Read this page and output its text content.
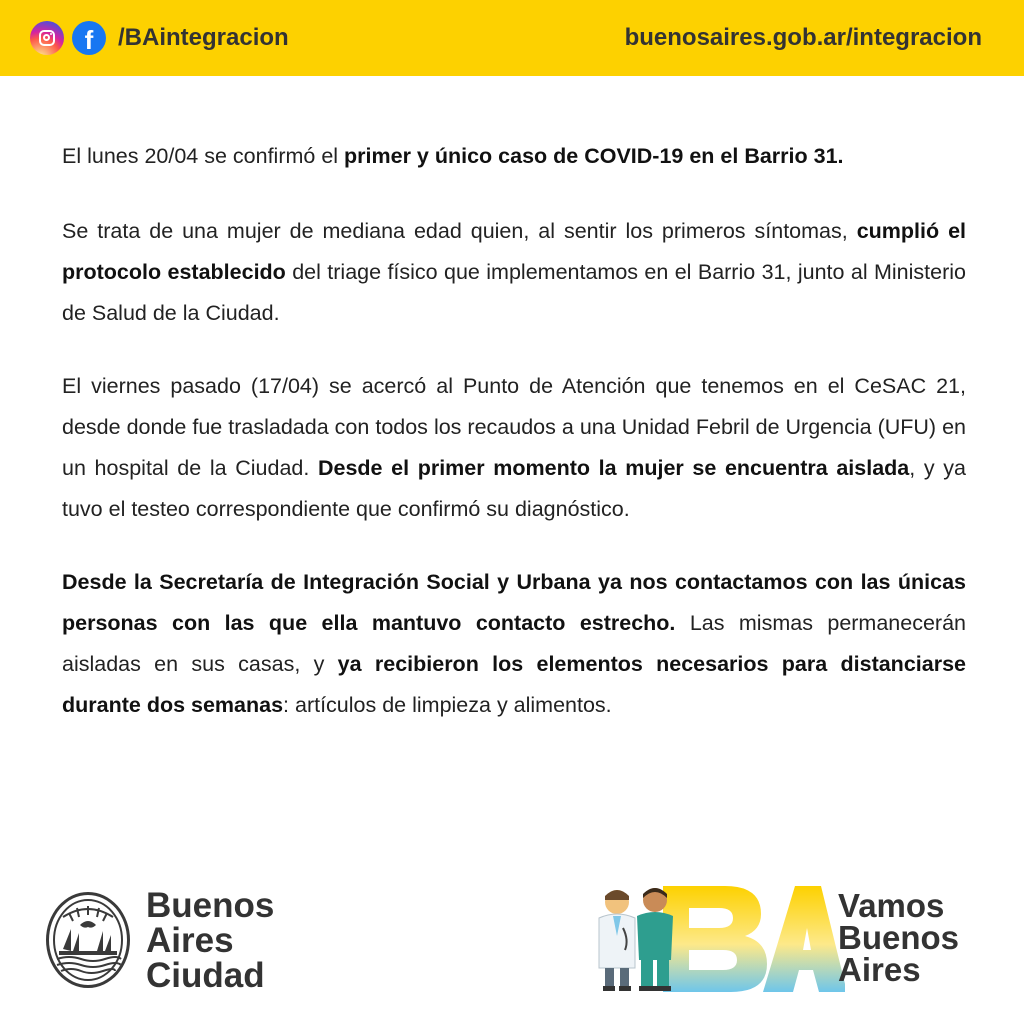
f	/BAintegracion	buenosaires.gob.ar/integracion

El lunes 20/04 se confirmó el primer y único caso de COVID-19 en el Barrio 31.

Se trata de una mujer de mediana edad quien, al sentir los primeros síntomas, cumplió el protocolo establecido del triage físico que implementamos en el Barrio 31, junto al Ministerio de Salud de la Ciudad.

El viernes pasado (17/04) se acercó al Punto de Atención que tenemos en el CeSAC 21, desde donde fue trasladada con todos los recaudos a una Unidad Febril de Urgencia (UFU) en un hospital de la Ciudad. Desde el primer momento la mujer se encuentra aislada, y ya tuvo el testeo correspondiente que confirmó su diagnóstico.

Desde la Secretaría de Integración Social y Urbana ya nos contactamos con las únicas personas con las que ella mantuvo contacto estrecho. Las mismas permanecerán aisladas en sus casas, y ya recibieron los elementos necesarios para distanciarse durante dos semanas: artículos de limpieza y alimentos.

Buenos
Aires
Ciudad
Vamos
Buenos
Aires
